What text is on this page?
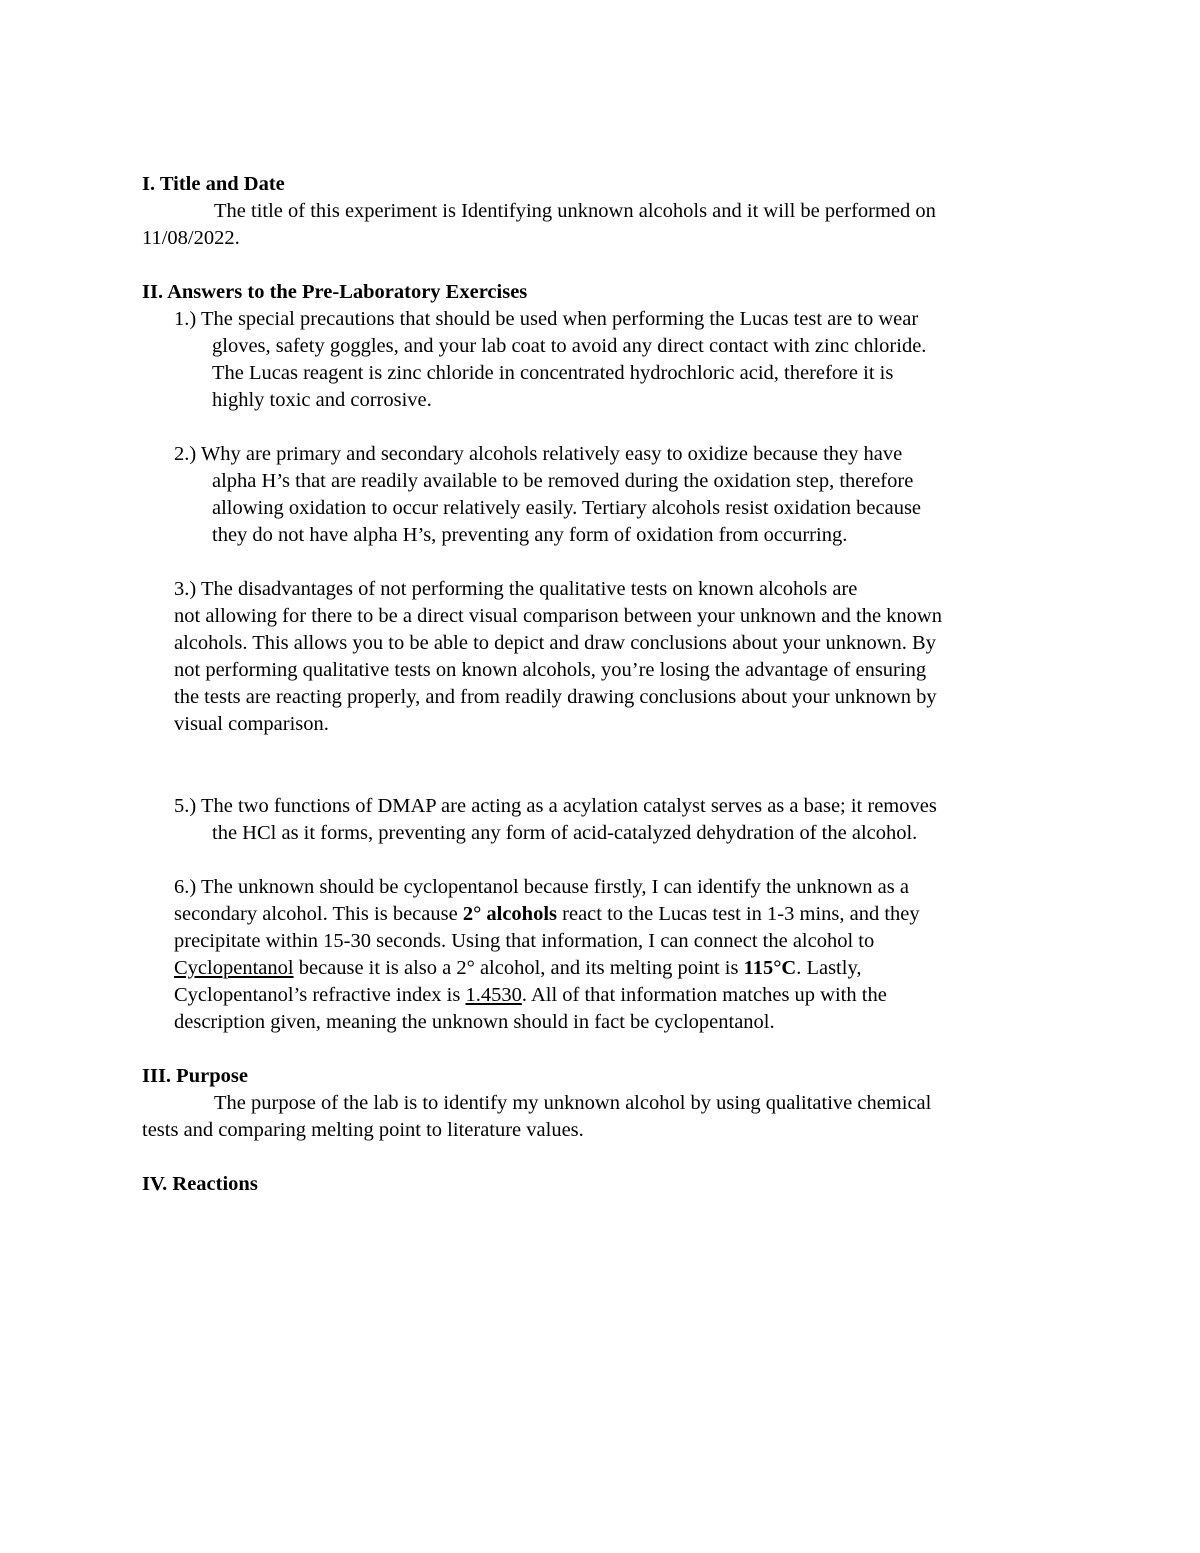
I. Title and Date
The title of this experiment is Identifying unknown alcohols and it will be performed on
11/08/2022.
II. Answers to the Pre-Laboratory Exercises
1.) The special precautions that should be used when performing the Lucas test are to wear
gloves, safety goggles, and your lab coat to avoid any direct contact with zinc chloride.
The Lucas reagent is zinc chloride in concentrated hydrochloric acid, therefore it is
highly toxic and corrosive.
2.) Why are primary and secondary alcohols relatively easy to oxidize because they have
alpha H’s that are readily available to be removed during the oxidation step, therefore
allowing oxidation to occur relatively easily. Tertiary alcohols resist oxidation because
they do not have alpha H’s, preventing any form of oxidation from occurring.
3.) The disadvantages of not performing the qualitative tests on known alcohols are
not allowing for there to be a direct visual comparison between your unknown and the known
alcohols. This allows you to be able to depict and draw conclusions about your unknown. By
not performing qualitative tests on known alcohols, you’re losing the advantage of ensuring
the tests are reacting properly, and from readily drawing conclusions about your unknown by
visual comparison.
5.) The two functions of DMAP are acting as a acylation catalyst serves as a base; it removes
the HCl as it forms, preventing any form of acid-catalyzed dehydration of the alcohol.
6.) The unknown should be cyclopentanol because firstly, I can identify the unknown as a
secondary alcohol. This is because 2° alcohols react to the Lucas test in 1-3 mins, and they
precipitate within 15-30 seconds. Using that information, I can connect the alcohol to
Cyclopentanol because it is also a 2° alcohol, and its melting point is 115°C. Lastly,
Cyclopentanol’s refractive index is 1.4530. All of that information matches up with the
description given, meaning the unknown should in fact be cyclopentanol.
III. Purpose
The purpose of the lab is to identify my unknown alcohol by using qualitative chemical
tests and comparing melting point to literature values.
IV. Reactions
